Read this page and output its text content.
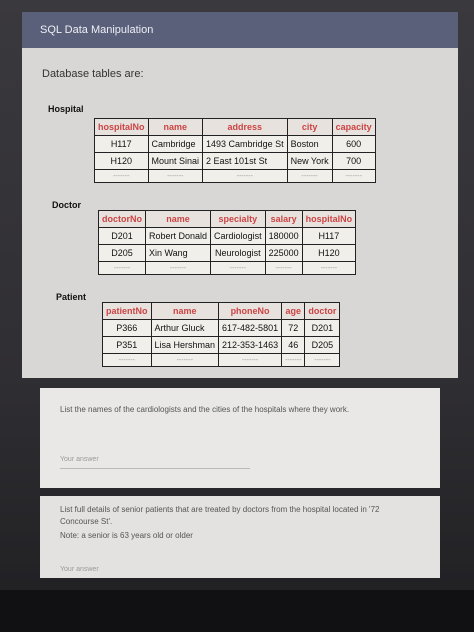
SQL Data Manipulation
Database tables are:
Hospital
hospitalNo	name	address	city	capacity
H117	Cambridge	1493 Cambridge St	Boston	600
H120	Mount Sinai	2 East 101st St	New York	700
-------	-------	-------	-------	-------
Doctor
doctorNo	name	specialty	salary	hospitalNo
D201	Robert Donald	Cardiologist	180000	H117
D205	Xin Wang	Neurologist	225000	H120
-------	-------	-------	-------	-------
Patient
patientNo	name	phoneNo	age	doctor
P366	Arthur Gluck	617-482-5801	72	D201
P351	Lisa Hershman	212-353-1463	46	D205
-------	-------	-------	-------	-------
List the names of the cardiologists and the cities of the hospitals where they work.
Your answer
List full details of senior patients that are treated by doctors from the hospital located in '72 Concourse St'.
Note: a senior is 63 years old or older
Your answer
